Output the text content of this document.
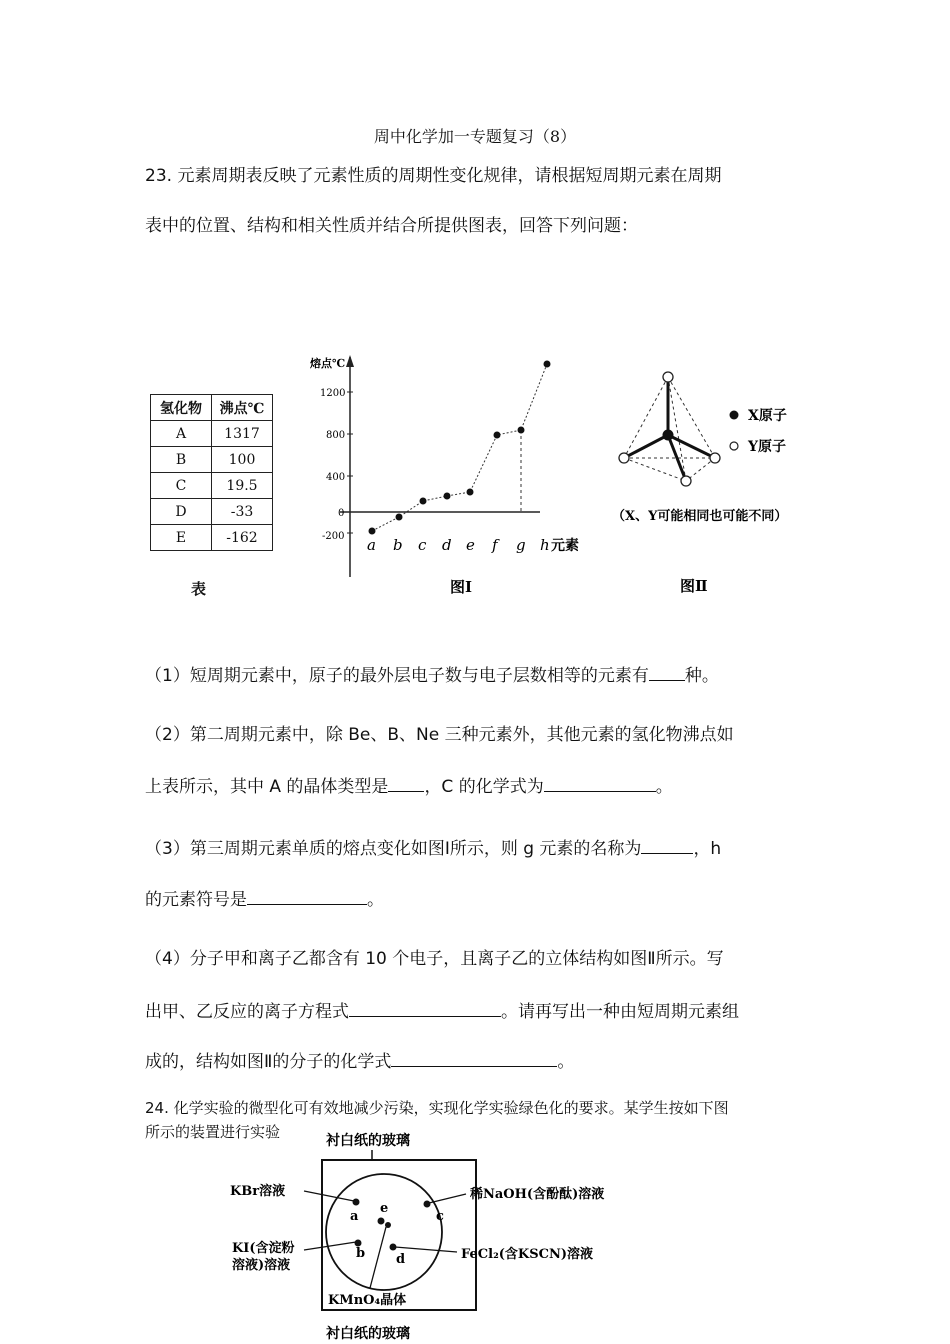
周中化学加一专题复习（8）
23. 元素周期表反映了元素性质的周期性变化规律，请根据短周期元素在周期
表中的位置、结构和相关性质并结合所提供图表，回答下列问题：
氢化物	沸点℃
A	1317
B	100
C	19.5
D	-33
E	-162
表
熔点℃
1200
800
400
0
-200 a b c d e f g h 元素
图Ⅰ
X原子
Y原子
（X、Y可能相同也可能不同）
图Ⅱ
（1）短周期元素中，原子的最外层电子数与电子层数相等的元素有 种。
（2）第二周期元素中，除 Be、B、Ne 三种元素外，其他元素的氢化物沸点如
上表所示，其中 A 的晶体类型是 ，C 的化学式为	。
（3）第三周期元素单质的熔点变化如图Ⅰ所示，则 g 元素的名称为	，h
的元素符号是	。
（4）分子甲和离子乙都含有 10 个电子，且离子乙的立体结构如图Ⅱ所示。写
出甲、乙反应的离子方程式	。请再写出一种由短周期元素组
成的，结构如图Ⅱ的分子的化学式	。
24. 化学实验的微型化可有效地减少污染，实现化学实验绿色化的要求。某学生按如下图
所示的装置进行实验	衬白纸的玻璃
a
b
c
d
e
KBr溶液
KI(含淀粉
溶液)溶液
稀NaOH(含酚酞)溶液
FeCl₂(含KSCN)溶液
KMnO₄晶体
衬白纸的玻璃
